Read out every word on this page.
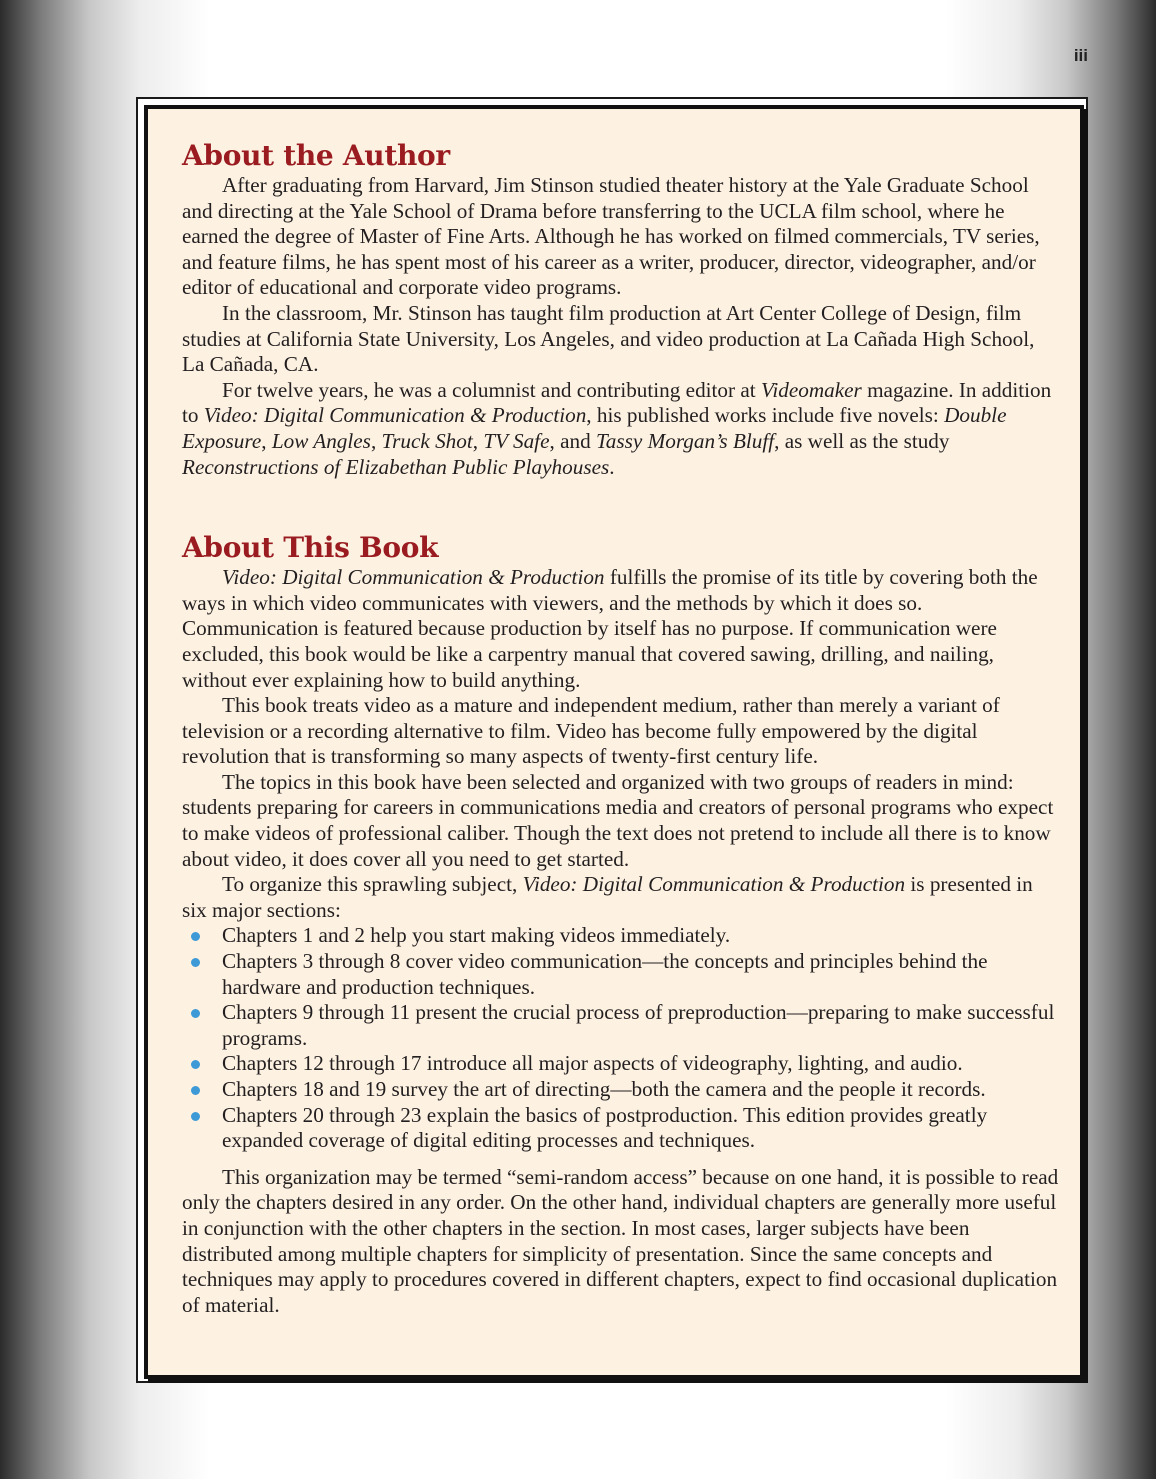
iii
About the Author

After graduating from Harvard, Jim Stinson studied theater history at the Yale Graduate School and directing at the Yale School of Drama before transferring to the UCLA film school, where he earned the degree of Master of Fine Arts. Although he has worked on filmed commercials, TV series, and feature films, he has spent most of his career as a writer, producer, director, videographer, and/or editor of educational and corporate video programs.

In the classroom, Mr. Stinson has taught film production at Art Center College of Design, film studies at California State University, Los Angeles, and video production at La Cañada High School, La Cañada, CA.

For twelve years, he was a columnist and contributing editor at Videomaker magazine. In addition to Video: Digital Communication & Production, his published works include five novels: Double Exposure, Low Angles, Truck Shot, TV Safe, and Tassy Morgan’s Bluff, as well as the study Reconstructions of Elizabethan Public Playhouses.

About This Book

Video: Digital Communication & Production fulfills the promise of its title by covering both the ways in which video communicates with viewers, and the methods by which it does so. Communication is featured because production by itself has no purpose. If communication were excluded, this book would be like a carpentry manual that covered sawing, drilling, and nailing, without ever explaining how to build anything.

This book treats video as a mature and independent medium, rather than merely a variant of television or a recording alternative to film. Video has become fully empowered by the digital revolution that is transforming so many aspects of twenty-first century life.

The topics in this book have been selected and organized with two groups of readers in mind: students preparing for careers in communications media and creators of personal programs who expect to make videos of professional caliber. Though the text does not pretend to include all there is to know about video, it does cover all you need to get started.

To organize this sprawling subject, Video: Digital Communication & Production is presented in six major sections:

Chapters 1 and 2 help you start making videos immediately.
Chapters 3 through 8 cover video communication—the concepts and principles behind the hardware and production techniques.
Chapters 9 through 11 present the crucial process of preproduction—preparing to make successful programs.
Chapters 12 through 17 introduce all major aspects of videography, lighting, and audio.
Chapters 18 and 19 survey the art of directing—both the camera and the people it records.
Chapters 20 through 23 explain the basics of postproduction. This edition provides greatly expanded coverage of digital editing processes and techniques.

This organization may be termed “semi-random access” because on one hand, it is possible to read only the chapters desired in any order. On the other hand, individual chapters are generally more useful in conjunction with the other chapters in the section. In most cases, larger subjects have been distributed among multiple chapters for simplicity of presentation. Since the same concepts and techniques may apply to procedures covered in different chapters, expect to find occasional duplication of material.
